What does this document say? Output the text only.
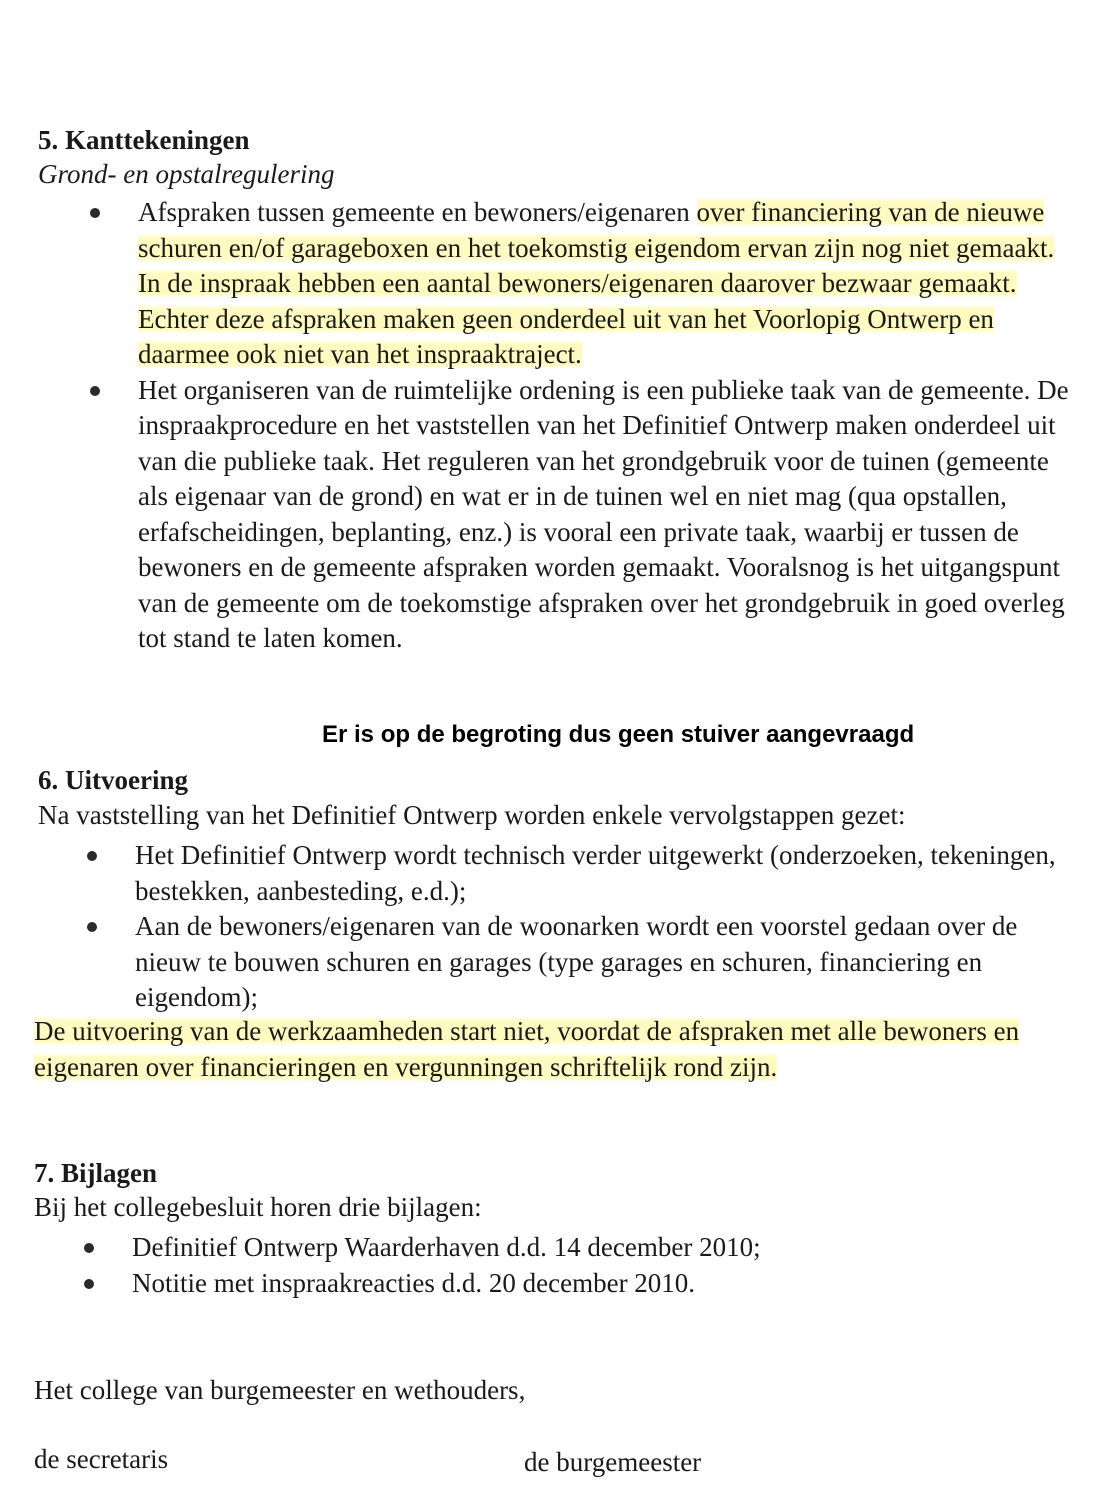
5. Kanttekeningen

Grond- en opstalregulering

Afspraken tussen gemeente en bewoners/eigenaren over financiering van de nieuwe schuren en/of garageboxen en het toekomstig eigendom ervan zijn nog niet gemaakt. In de inspraak hebben een aantal bewoners/eigenaren daarover bezwaar gemaakt. Echter deze afspraken maken geen onderdeel uit van het Voorlopig Ontwerp en daarmee ook niet van het inspraaktraject.
Het organiseren van de ruimtelijke ordening is een publieke taak van de gemeente. De inspraakprocedure en het vaststellen van het Definitief Ontwerp maken onderdeel uit van die publieke taak. Het reguleren van het grondgebruik voor de tuinen (gemeente als eigenaar van de grond) en wat er in de tuinen wel en niet mag (qua opstallen, erfafscheidingen, beplanting, enz.) is vooral een private taak, waarbij er tussen de bewoners en de gemeente afspraken worden gemaakt. Vooralsnog is het uitgangspunt van de gemeente om de toekomstige afspraken over het grondgebruik in goed overleg tot stand te laten komen.
Er is op de begroting dus geen stuiver aangevraagd
6. Uitvoering

Na vaststelling van het Definitief Ontwerp worden enkele vervolgstappen gezet:

Het Definitief Ontwerp wordt technisch verder uitgewerkt (onderzoeken, tekeningen, bestekken, aanbesteding, e.d.);
Aan de bewoners/eigenaren van de woonarken wordt een voorstel gedaan over de nieuw te bouwen schuren en garages (type garages en schuren, financiering en eigendom);

De uitvoering van de werkzaamheden start niet, voordat de afspraken met alle bewoners en eigenaren over financieringen en vergunningen schriftelijk rond zijn.

7. Bijlagen

Bij het collegebesluit horen drie bijlagen:

Definitief Ontwerp Waarderhaven d.d. 14 december 2010;
Notitie met inspraakreacties d.d. 20 december 2010.
Het college van burgemeester en wethouders,
de secretaris	de burgemeester
